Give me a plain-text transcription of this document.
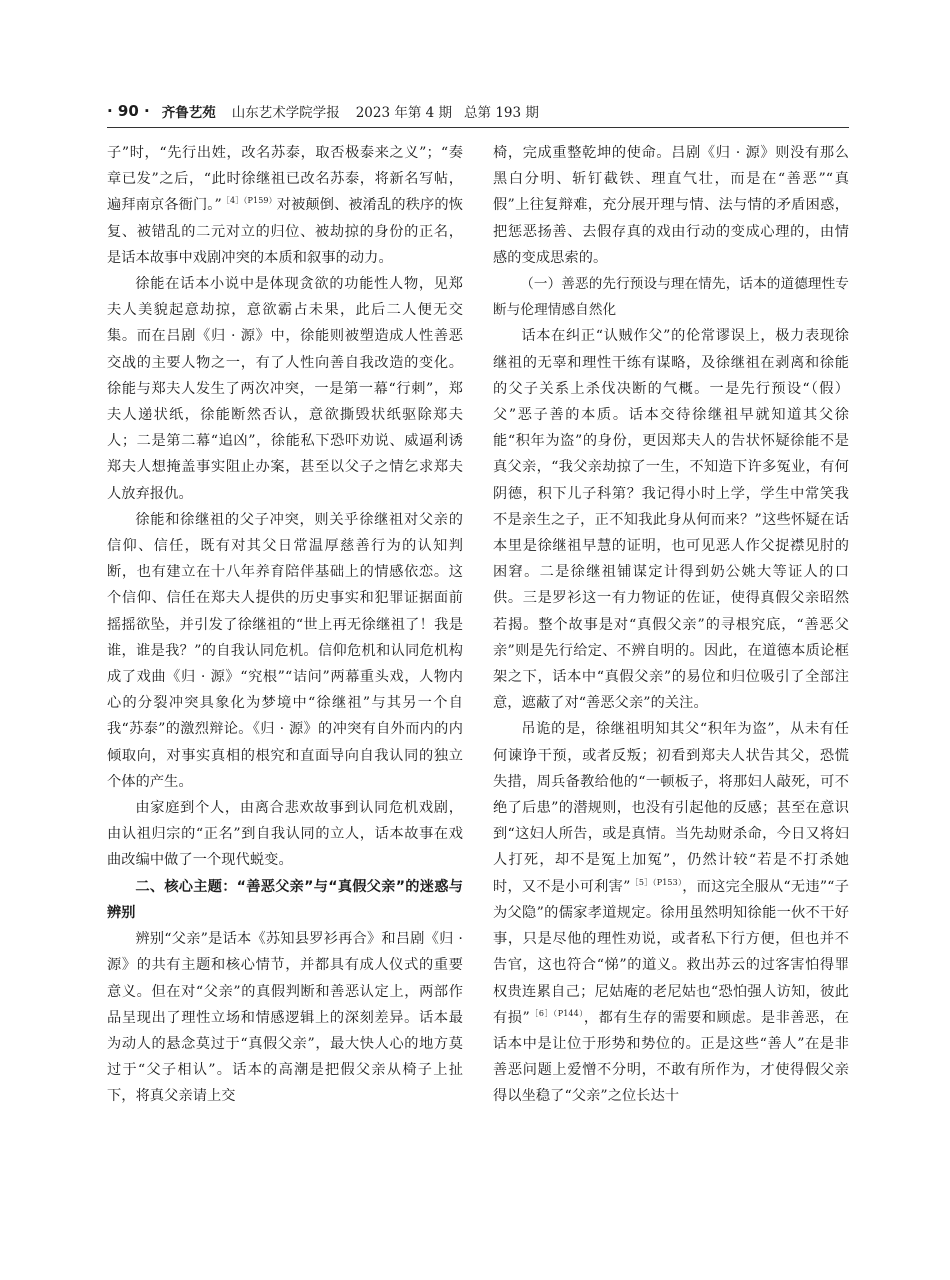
· 90 · 齐鲁艺苑 山东艺术学院学报 2023 年第 4 期 总第 193 期

子”时，“先行出姓，改名苏泰，取否极泰来之义”；“奏章已发”之后，“此时徐继祖已改名苏泰，将新名写帖，遍拜南京各衙门。”$^{[4](P159)}$对被颠倒、被淆乱的秩序的恢复、被错乱的二元对立的归位、被劫掠的身份的正名，是话本故事中戏剧冲突的本质和叙事的动力。

徐能在话本小说中是体现贪欲的功能性人物，见郑夫人美貌起意劫掠，意欲霸占未果，此后二人便无交集。而在吕剧《归 · 源》中，徐能则被塑造成人性善恶交战的主要人物之一，有了人性向善自我改造的变化。徐能与郑夫人发生了两次冲突，一是第一幕“行刺”，郑夫人递状纸，徐能断然否认，意欲撕毁状纸驱除郑夫人；二是第二幕“追凶”，徐能私下恐吓劝说、威逼利诱郑夫人想掩盖事实阻止办案，甚至以父子之情乞求郑夫人放弃报仇。

徐能和徐继祖的父子冲突，则关乎徐继祖对父亲的信仰、信任，既有对其父日常温厚慈善行为的认知判断，也有建立在十八年养育陪伴基础上的情感依恋。这个信仰、信任在郑夫人提供的历史事实和犯罪证据面前摇摇欲坠，并引发了徐继祖的“世上再无徐继祖了！我是谁，谁是我？”的自我认同危机。信仰危机和认同危机构成了戏曲《归 · 源》“究根”“诘问”两幕重头戏，人物内心的分裂冲突具象化为梦境中“徐继祖”与其另一个自我“苏泰”的激烈辩论。《归 · 源》的冲突有自外而内的内倾取向，对事实真相的根究和直面导向自我认同的独立个体的产生。

由家庭到个人，由离合悲欢故事到认同危机戏剧，由认祖归宗的“正名”到自我认同的立人，话本故事在戏曲改编中做了一个现代蜕变。

二、核心主题：“善恶父亲”与“真假父亲”的迷惑与辨别

辨别“父亲”是话本《苏知县罗衫再合》和吕剧《归 · 源》的共有主题和核心情节，并都具有成人仪式的重要意义。但在对“父亲”的真假判断和善恶认定上，两部作品呈现出了理性立场和情感逻辑上的深刻差异。话本最为动人的悬念莫过于“真假父亲”，最大快人心的地方莫过于“父子相认”。话本的高潮是把假父亲从椅子上扯下，将真父亲请上交

椅，完成重整乾坤的使命。吕剧《归 · 源》则没有那么黑白分明、斩钉截铁、理直气壮，而是在“善恶”“真假”上往复辩难，充分展开理与情、法与情的矛盾困惑，把惩恶扬善、去假存真的戏由行动的变成心理的，由情感的变成思索的。

（一）善恶的先行预设与理在情先，话本的道德理性专断与伦理情感自然化

话本在纠正“认贼作父”的伦常谬误上，极力表现徐继祖的无辜和理性干练有谋略，及徐继祖在剥离和徐能的父子关系上杀伐决断的气概。一是先行预设“（假）父”恶子善的本质。话本交待徐继祖早就知道其父徐能“积年为盗”的身份，更因郑夫人的告状怀疑徐能不是真父亲，“我父亲劫掠了一生，不知造下许多冤业，有何阴德，积下儿子科第？我记得小时上学，学生中常笑我不是亲生之子，正不知我此身从何而来？”这些怀疑在话本里是徐继祖早慧的证明，也可见恶人作父捉襟见肘的困窘。二是徐继祖铺谋定计得到奶公姚大等证人的口供。三是罗衫这一有力物证的佐证，使得真假父亲昭然若揭。整个故事是对“真假父亲”的寻根究底，“善恶父亲”则是先行给定、不辨自明的。因此，在道德本质论框架之下，话本中“真假父亲”的易位和归位吸引了全部注意，遮蔽了对“善恶父亲”的关注。

吊诡的是，徐继祖明知其父“积年为盗”，从未有任何谏诤干预，或者反叛；初看到郑夫人状告其父，恐慌失措，周兵备教给他的“一顿板子，将那妇人敲死，可不绝了后患”的潜规则，也没有引起他的反感；甚至在意识到“这妇人所告，或是真情。当先劫财杀命，今日又将妇人打死，却不是冤上加冤”，仍然计较“若是不打杀她时，又不是小可利害”$^{[5](P153)}$，而这完全服从“无违”“子为父隐”的儒家孝道规定。徐用虽然明知徐能一伙不干好事，只是尽他的理性劝说，或者私下行方便，但也并不告官，这也符合“悌”的道义。救出苏云的过客害怕得罪权贵连累自己；尼姑庵的老尼姑也“恐怕强人访知，彼此有损”$^{[6](P144)}$，都有生存的需要和顾虑。是非善恶，在话本中是让位于形势和势位的。正是这些“善人”在是非善恶问题上爱憎不分明，不敢有所作为，才使得假父亲得以坐稳了“父亲”之位长达十
